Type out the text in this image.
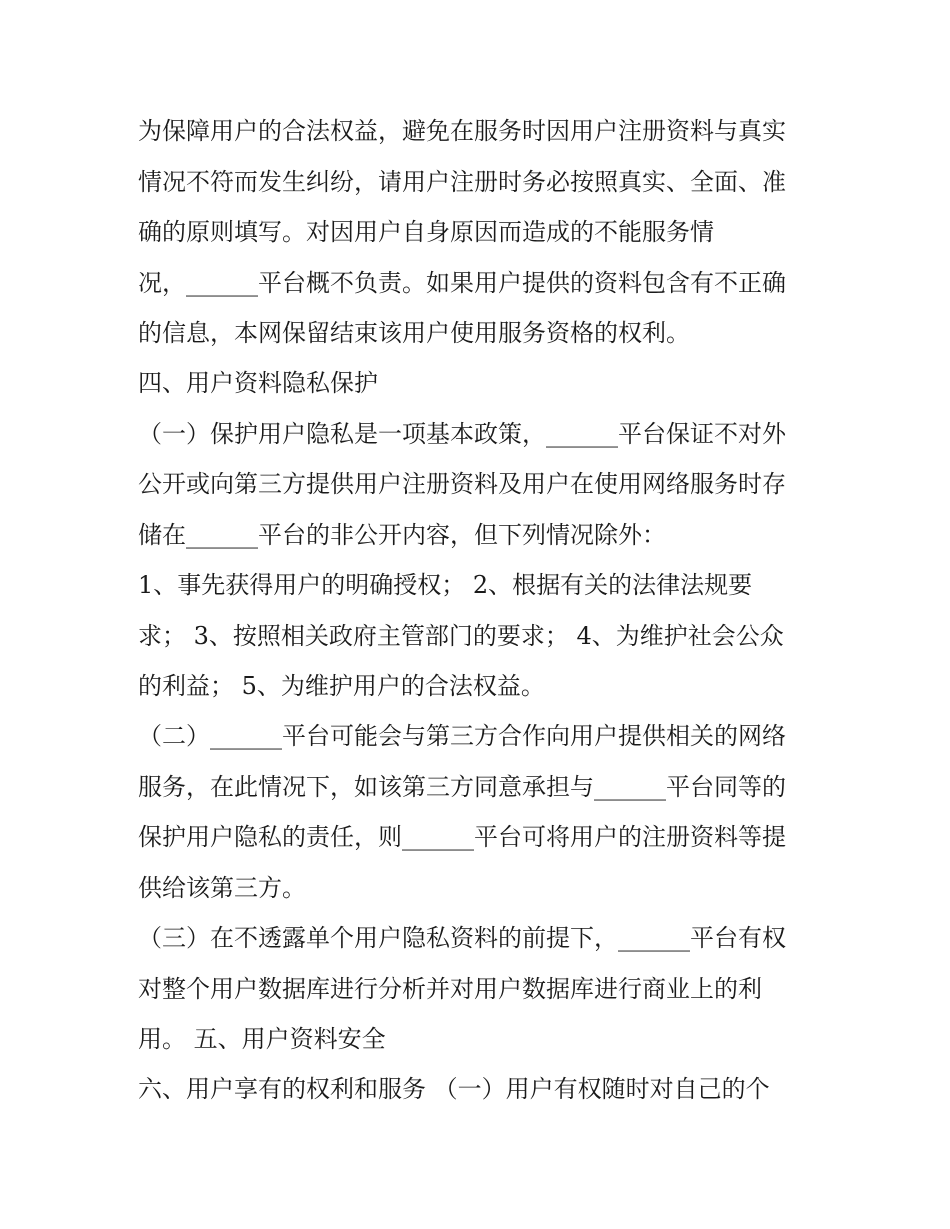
为保障用户的合法权益，避免在服务时因用户注册资料与真实
情况不符而发生纠纷，请用户注册时务必按照真实、全面、准
确的原则填写。对因用户自身原因而造成的不能服务情
况，______平台概不负责。如果用户提供的资料包含有不正确
的信息，本网保留结束该用户使用服务资格的权利。
四、用户资料隐私保护
（一）保护用户隐私是一项基本政策，______平台保证不对外
公开或向第三方提供用户注册资料及用户在使用网络服务时存
储在______平台的非公开内容，但下列情况除外：
1、事先获得用户的明确授权； 2、根据有关的法律法规要
求； 3、按照相关政府主管部门的要求； 4、为维护社会公众
的利益； 5、为维护用户的合法权益。
（二）______平台可能会与第三方合作向用户提供相关的网络
服务，在此情况下，如该第三方同意承担与______平台同等的
保护用户隐私的责任，则______平台可将用户的注册资料等提
供给该第三方。
（三）在不透露单个用户隐私资料的前提下，______平台有权
对整个用户数据库进行分析并对用户数据库进行商业上的利
用。 五、用户资料安全
六、用户享有的权利和服务 （一）用户有权随时对自己的个
